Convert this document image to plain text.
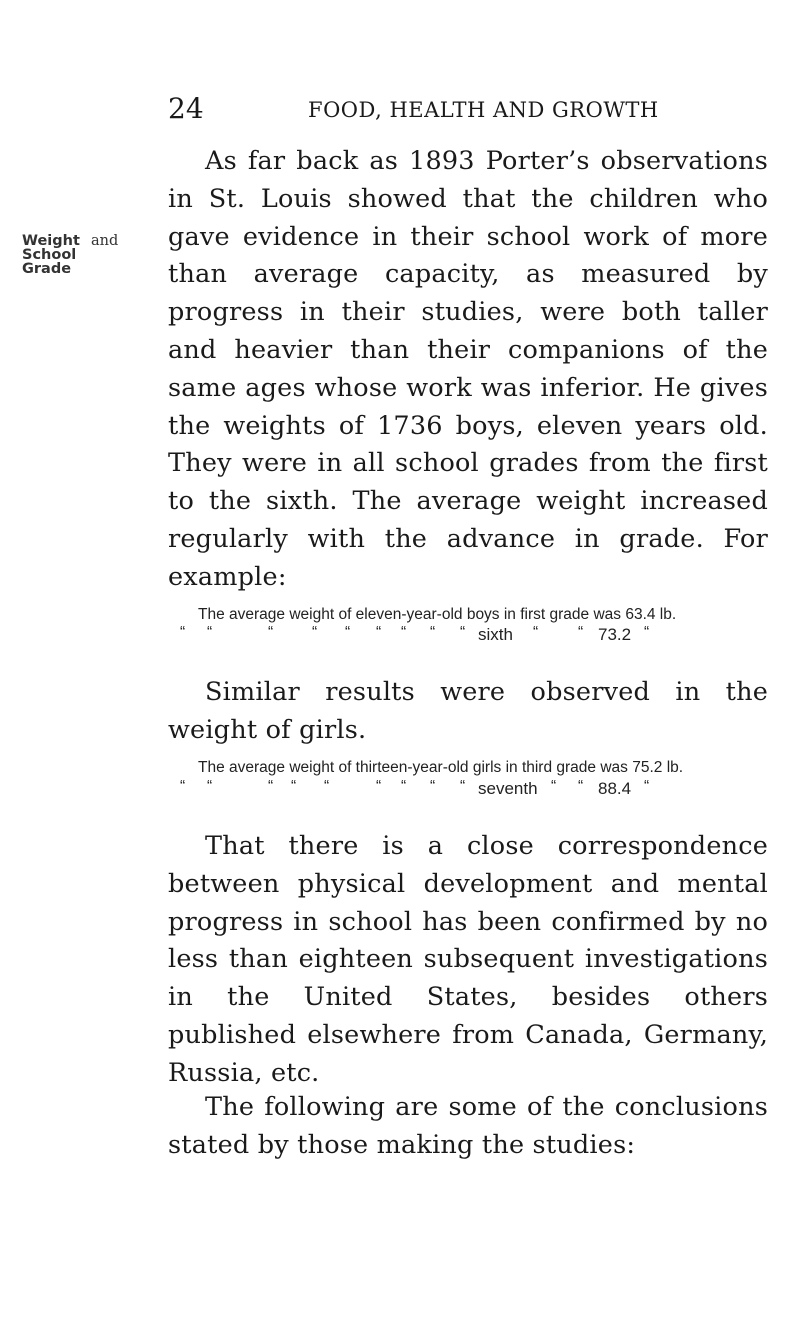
24	FOOD, HEALTH AND GROWTH
Weight and
School
Grade
As far back as 1893 Porter’s observations in St. Louis showed that the children who gave evidence in their school work of more than average capacity, as measured by progress in their studies, were both taller and heavier than their companions of the same ages whose work was inferior. He gives the weights of 1736 boys, eleven years old. They were in all school grades from the first to the sixth. The average weight increased regularly with the advance in grade. For example:
The average weight of eleven-year-old boys in first grade was 63.4 lb.
“ “	“	“ “ “ “ “ “ sixth “	“ 73.2 “
Similar results were observed in the weight of girls.
The average weight of thirteen-year-old girls in third grade was 75.2 lb.
“ “	“ “ “	“ “ “ “ seventh “ “ 88.4 “
That there is a close correspondence between physical development and mental progress in school has been confirmed by no less than eighteen subsequent investigations in the United States, besides others published elsewhere from Canada, Germany, Russia, etc.
The following are some of the conclusions stated by those making the studies:
